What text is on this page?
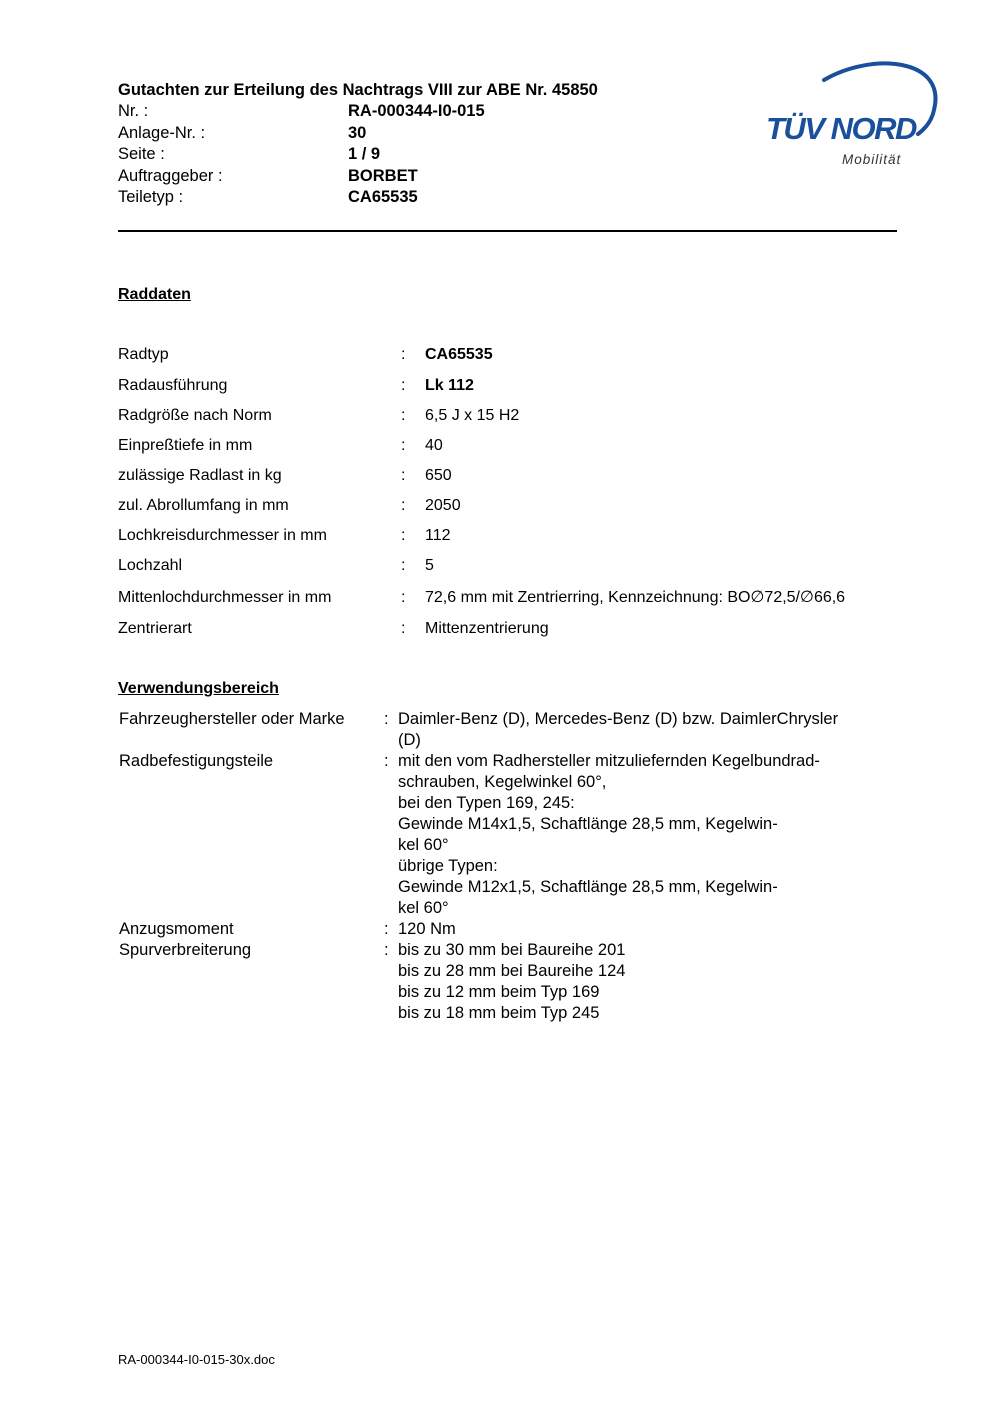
Gutachten zur Erteilung des Nachtrags VIII zur ABE Nr. 45850
Nr. :	RA-000344-I0-015
Anlage-Nr. :	30
Seite :	1 / 9
Auftraggeber :	BORBET
Teiletyp :	CA65535
TÜV NORD
Mobilität
Raddaten
Radtyp	: CA65535
Radausführung	: Lk 112
Radgröße nach Norm	: 6,5 J x 15 H2
Einpreßtiefe in mm	: 40
zulässige Radlast in kg	: 650
zul. Abrollumfang in mm	: 2050
Lochkreisdurchmesser in mm	: 112
Lochzahl	: 5
Mittenlochdurchmesser in mm	: 72,6 mm mit Zentrierring, Kennzeichnung: BO∅72,5/∅66,6
Zentrierart	: Mittenzentrierung
Verwendungsbereich
Fahrzeughersteller oder Marke : Daimler-Benz (D), Mercedes-Benz (D) bzw. DaimlerChrysler
(D)
Radbefestigungsteile	: mit den vom Radhersteller mitzuliefernden Kegelbundrad-
schrauben, Kegelwinkel 60°,
bei den Typen 169, 245:
Gewinde M14x1,5, Schaftlänge 28,5 mm, Kegelwin-
kel 60°
übrige Typen:
Gewinde M12x1,5, Schaftlänge 28,5 mm, Kegelwin-
kel 60°
Anzugsmoment	: 120 Nm
Spurverbreiterung	: bis zu 30 mm bei Baureihe 201
bis zu 28 mm bei Baureihe 124
bis zu 12 mm beim Typ 169
bis zu 18 mm beim Typ 245
RA-000344-I0-015-30x.doc
